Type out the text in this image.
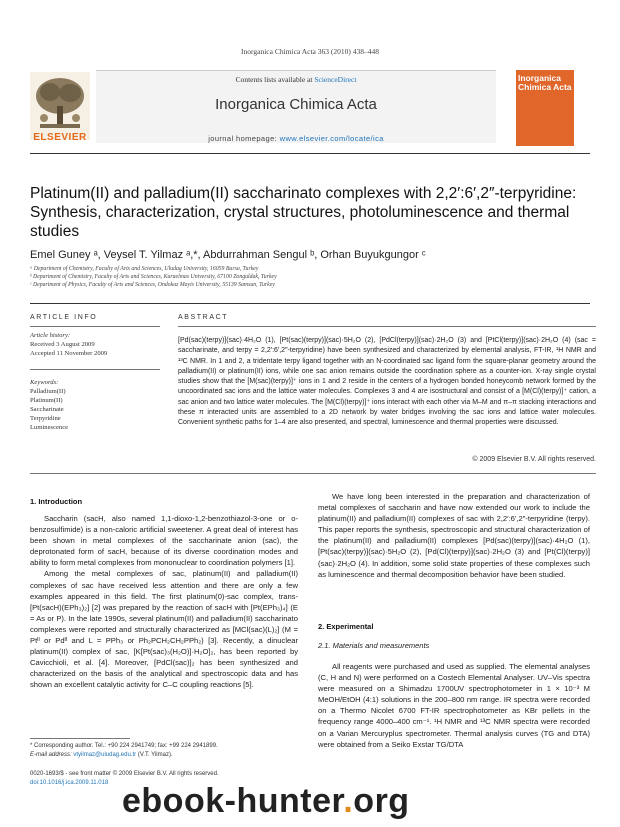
Inorganica Chimica Acta 363 (2010) 438–448
Contents lists available at ScienceDirect
Inorganica Chimica Acta
journal homepage: www.elsevier.com/locate/ica
ELSEVIER
Inorganica Chimica Acta
Platinum(II) and palladium(II) saccharinato complexes with 2,2′:6′,2″-terpyridine: Synthesis, characterization, crystal structures, photoluminescence and thermal studies
Emel Guney ᵃ, Veysel T. Yilmaz ᵃ,*, Abdurrahman Sengul ᵇ, Orhan Buyukgungor ᶜ
ᵃ Department of Chemistry, Faculty of Arts and Sciences, Uludag University, 16059 Bursa, Turkey
ᵇ Department of Chemistry, Faculty of Arts and Sciences, Karaelmas University, 67100 Zonguldak, Turkey
ᶜ Department of Physics, Faculty of Arts and Sciences, Ondokuz Mayis University, 55139 Samsun, Turkey
ARTICLE INFO
Article history:
Received 3 August 2009
Accepted 11 November 2009
Keywords:
Palladium(II)
Platinum(II)
Saccharinate
Terpyridine
Luminescence
ABSTRACT
[Pd(sac)(terpy)](sac)·4H₂O (1), [Pt(sac)(terpy)](sac)·5H₂O (2), [PdCl(terpy)](sac)·2H₂O (3) and [PtCl(terpy)](sac)·2H₂O (4) (sac = saccharinate, and terpy = 2,2′:6′,2″-terpyridine) have been synthesized and characterized by elemental analysis, FT-IR, ¹H NMR and ¹³C NMR. In 1 and 2, a tridentate terpy ligand together with an N-coordinated sac ligand form the square-planar geometry around the palladium(II) or platinum(II) ions, while one sac anion remains outside the coordination sphere as a counter-ion. X-ray single crystal studies show that the [M(sac)(terpy)]⁺ ions in 1 and 2 reside in the centers of a hydrogen bonded honeycomb network formed by the uncoordinated sac ions and the lattice water molecules. Complexes 3 and 4 are isostructural and consist of a [M(Cl)(terpy)]⁺ cation, a sac anion and two lattice water molecules. The [M(Cl)(terpy)]⁺ ions interact with each other via M–M and π–π stacking interactions and these π interacted units are assembled to a 2D network by water bridges involving the sac ions and lattice water molecules. Convenient synthetic paths for 1–4 are also presented, and spectral, luminescence and thermal properties were discussed.
© 2009 Elsevier B.V. All rights reserved.
1. Introduction

Saccharin (sacH, also named 1,1-dioxo-1,2-benzothiazol-3-one or o-benzosulfimide) is a non-caloric artificial sweetener. A great deal of interest has been shown in metal complexes of the saccharinate anion (sac), the deprotonated form of sacH, because of its diverse coordination modes and ability to form metal complexes from mononuclear to coordination polymers [1].

Among the metal complexes of sac, platinum(II) and palladium(II) complexes of sac have received less attention and there are only a few examples appeared in this field. The first platinum(0)-sac complex, trans-[Pt(sacH)(EPh₃)₂] [2] was prepared by the reaction of sacH with [Pt(EPh₃)₄] (E = As or P). In the late 1990s, several platinum(II) and palladium(II) saccharinato complexes were reported and structurally characterized as [MCl(sac)(L)₂] (M = Ptᴵᴵ or Pdᴵᴵ and L = PPh₃ or Ph₂PCH₂CH₂PPh₂) [3]. Recently, a dinuclear platinum(II) complex of sac, [K[Pt(sac)₃(H₂O)]·H₂O]₂, has been reported by Cavicchioli, et al. [4]. Moreover, [PdCl(sac)]₂ has been synthesized and characterized on the basis of the analytical and spectroscopic data and has shown an excellent catalytic activity for C–C coupling reactions [5].

We have long been interested in the preparation and characterization of metal complexes of saccharin and have now extended our work to include the platinum(II) and palladium(II) complexes of sac with 2,2′:6′,2″-terpyridine (terpy). This paper reports the synthesis, spectroscopic and structural characterization of the platinum(II) and palladium(II) complexes [Pd(sac)(terpy)](sac)·4H₂O (1), [Pt(sac)(terpy)](sac)·5H₂O (2), [Pd(Cl)(terpy)](sac)·2H₂O (3) and [Pt(Cl)(terpy)](sac)·2H₂O (4). In addition, some solid state properties of these complexes such as luminescence and thermal decomposition behavior have been studied.

2. Experimental
2.1. Materials and measurements

All reagents were purchased and used as supplied. The elemental analyses (C, H and N) were performed on a Costech Elemental Analyser. UV–Vis spectra were measured on a Shimadzu 1700UV spectrophotometer in 1 × 10⁻³ M MeOH/EtOH (4:1) solutions in the 200–800 nm range. IR spectra were recorded on a Thermo Nicolet 6700 FT-IR spectrophotometer as KBr pellets in the frequency range 4000–400 cm⁻¹. ¹H NMR and ¹³C NMR spectra were recorded on a Varian Mercuryplus spectrometer. Thermal analysis curves (TG and DTA) were obtained from a Seiko Exstar TG/DTA

* Corresponding author. Tel.: +90 224 2941749; fax: +99 224 2941899.
E-mail address: vtyilmaz@uludag.edu.tr (V.T. Yilmaz).
0020-1693/$ - see front matter © 2009 Elsevier B.V. All rights reserved.
doi:10.1016/j.ica.2009.11.018 ebook-hunter.org
